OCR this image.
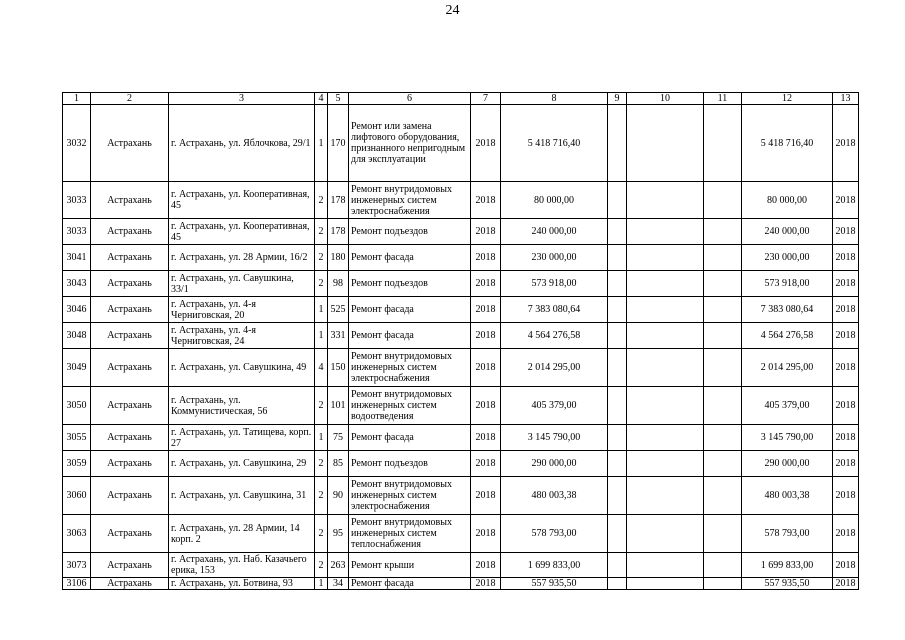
24
1	2	3	4	5	6	7	8	9	10	11	12	13
3032	Астрахань	г. Астрахань, ул. Яблочкова, 29/1	1	170	Ремонт или замена лифтового оборудования, признанного непригодным для эксплуатации	2018	5 418 716,40				5 418 716,40	2018
3033	Астрахань	г. Астрахань, ул. Кооперативная, 45	2	178	Ремонт внутридомовых инженерных систем электроснабжения	2018	80 000,00				80 000,00	2018
3033	Астрахань	г. Астрахань, ул. Кооперативная, 45	2	178	Ремонт подъездов	2018	240 000,00				240 000,00	2018
3041	Астрахань	г. Астрахань, ул. 28 Армии, 16/2	2	180	Ремонт фасада	2018	230 000,00				230 000,00	2018
3043	Астрахань	г. Астрахань, ул. Савушкина, 33/1	2	98	Ремонт подъездов	2018	573 918,00				573 918,00	2018
3046	Астрахань	г. Астрахань, ул. 4-я Черниговская, 20	1	525	Ремонт фасада	2018	7 383 080,64				7 383 080,64	2018
3048	Астрахань	г. Астрахань, ул. 4-я Черниговская, 24	1	331	Ремонт фасада	2018	4 564 276,58				4 564 276,58	2018
3049	Астрахань	г. Астрахань, ул. Савушкина, 49	4	150	Ремонт внутридомовых инженерных систем электроснабжения	2018	2 014 295,00				2 014 295,00	2018
3050	Астрахань	г. Астрахань, ул. Коммунистическая, 56	2	101	Ремонт внутридомовых инженерных систем водоотведения	2018	405 379,00				405 379,00	2018
3055	Астрахань	г. Астрахань, ул. Татищева, корп. 27	1	75	Ремонт фасада	2018	3 145 790,00				3 145 790,00	2018
3059	Астрахань	г. Астрахань, ул. Савушкина, 29	2	85	Ремонт подъездов	2018	290 000,00				290 000,00	2018
3060	Астрахань	г. Астрахань, ул. Савушкина, 31	2	90	Ремонт внутридомовых инженерных систем электроснабжения	2018	480 003,38				480 003,38	2018
3063	Астрахань	г. Астрахань, ул. 28 Армии, 14 корп. 2	2	95	Ремонт внутридомовых инженерных систем теплоснабжения	2018	578 793,00				578 793,00	2018
3073	Астрахань	г. Астрахань, ул. Наб. Казачьего ерика, 153	2	263	Ремонт крыши	2018	1 699 833,00				1 699 833,00	2018
3106	Астрахань	г. Астрахань, ул. Ботвина, 93	1	34	Ремонт фасада	2018	557 935,50				557 935,50	2018
